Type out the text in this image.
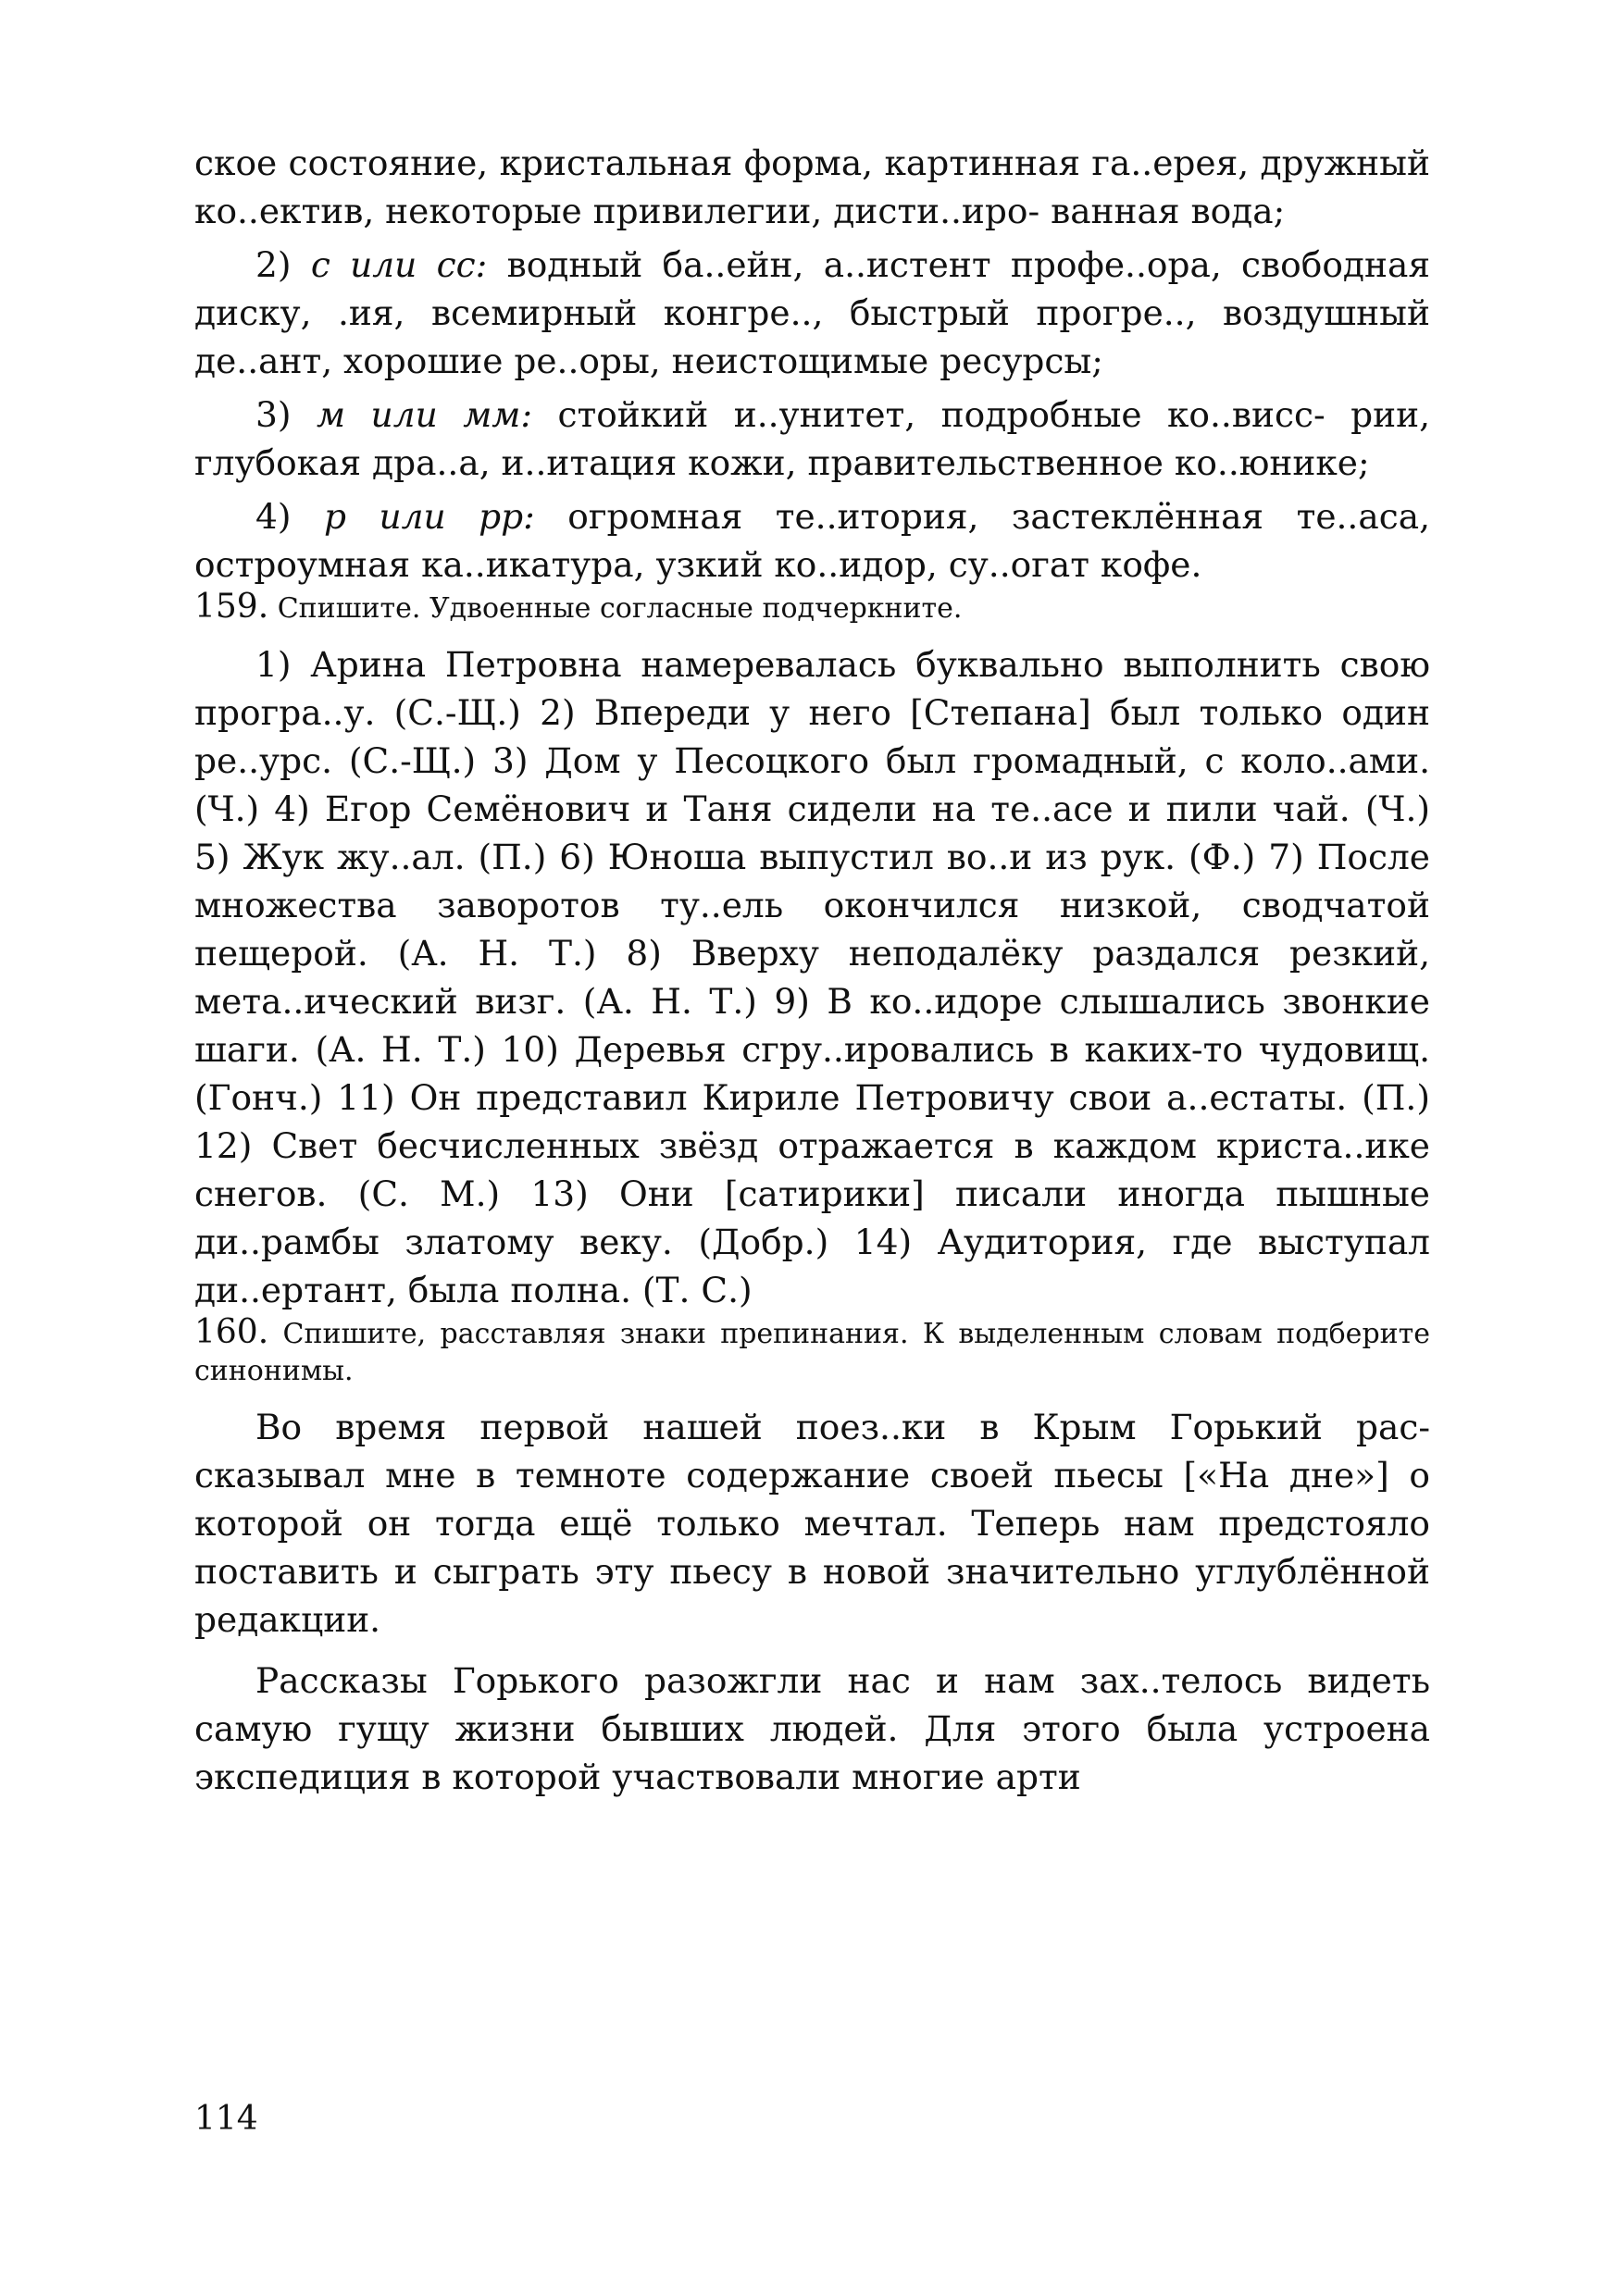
ское состояние, кристальная форма, картинная га..ерея, дружный ко..ектив, некоторые привилегии, дисти..иро- ванная вода;

2) с или сс: водный ба..ейн, а..истент профе..ора, свободная диску, .ия, всемирный конгре.., быстрый прогре.., воздушный де..ант, хорошие ре..оры, неистощимые ресурсы;

3) м или мм: стойкий и..унитет, подробные ко..висс- рии, глубокая дра..а, и..итация кожи, правительственное ко..юнике;

4) р или рр: огромная те..итория, застеклённая те..аса, остроумная ка..икатура, узкий ко..идор, су..огат кофе.

159. Спишите. Удвоенные согласные подчеркните.

1) Арина Петровна намеревалась буквально выполнить свою програ..у. (С.-Щ.) 2) Впереди у него [Степана] был только один ре..урс. (С.-Щ.) 3) Дом у Песоцкого был громадный, с коло..ами. (Ч.) 4) Егор Семёнович и Таня сидели на те..асе и пили чай. (Ч.) 5) Жук жу..ал. (П.) 6) Юноша выпустил во..и из рук. (Ф.) 7) После множества заворотов ту..ель окончился низкой, сводчатой пещерой. (А. Н. Т.) 8) Вверху неподалёку раздался резкий, мета..ический визг. (А. Н. Т.) 9) В ко..идоре слышались звонкие шаги. (А. Н. Т.) 10) Деревья сгру..ировались в каких-то чудовищ. (Гонч.) 11) Он представил Кириле Петровичу свои а..естаты. (П.) 12) Свет бесчисленных звёзд отражается в каждом криста..ике снегов. (С. М.) 13) Они [сатирики] писали иногда пышные ди..рамбы златому веку. (Добр.) 14) Аудитория, где выступал ди..ертант, была полна. (Т. С.)

160. Спишите, расставляя знаки препинания. К выделенным словам подберите синонимы.

Во время первой нашей поез..ки в Крым Горький рас- сказывал мне в темноте содержание своей пьесы [«На дне»] о которой он тогда ещё только мечтал. Теперь нам предстояло поставить и сыграть эту пьесу в новой значительно углублённой редакции.

Рассказы Горького разожгли нас и нам зах..телось видеть самую гущу жизни бывших людей. Для этого была устроена экспедиция в которой участвовали многие арти

114
